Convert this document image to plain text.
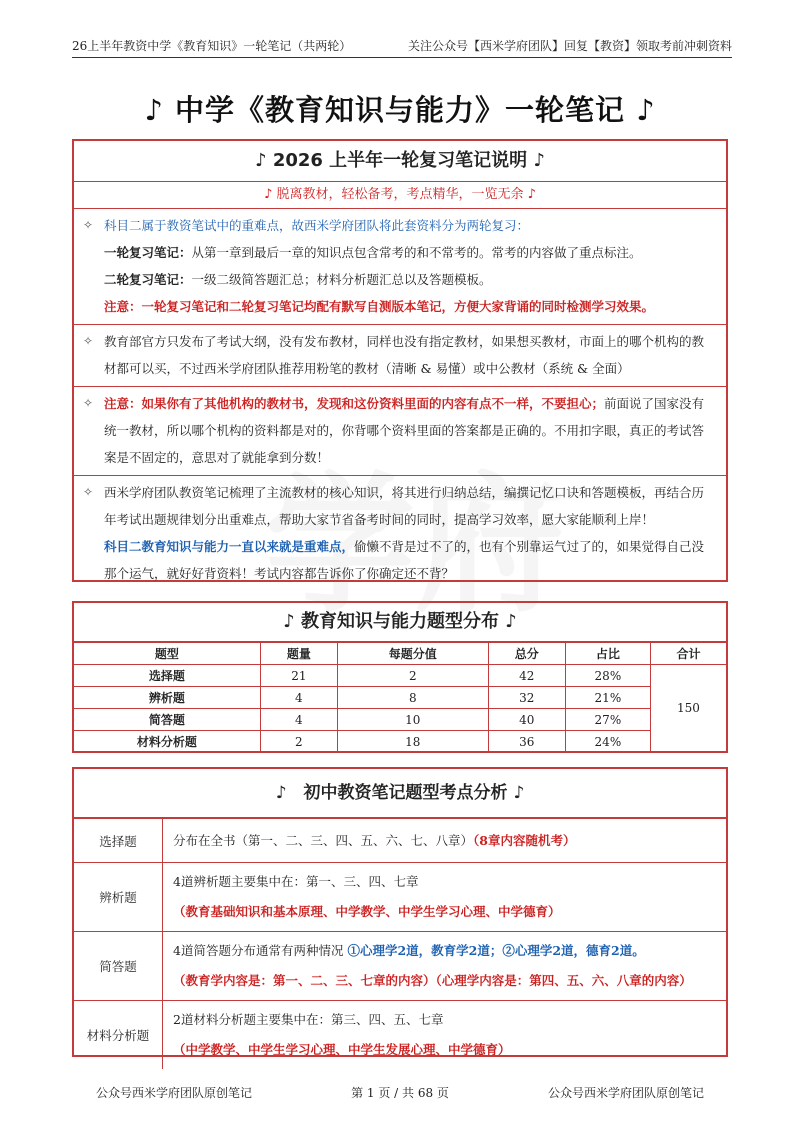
26上半年教资中学《教育知识》一轮笔记（共两轮）	关注公众号【西米学府团队】回复【教资】领取考前冲刺资料
♪ 中学《教育知识与能力》一轮笔记 ♪
♪ 2026 上半年一轮复习笔记说明 ♪
♪ 脱离教材，轻松备考，考点精华，一览无余 ♪
✧ 科目二属于教资笔试中的重难点，故西米学府团队将此套资料分为两轮复习：

一轮复习笔记：从第一章到最后一章的知识点包含常考的和不常考的。常考的内容做了重点标注。

二轮复习笔记：一级二级简答题汇总；材料分析题汇总以及答题模板。

注意：一轮复习笔记和二轮复习笔记均配有默写自测版本笔记，方便大家背诵的同时检测学习效果。

✧ 教育部官方只发布了考试大纲，没有发布教材，同样也没有指定教材，如果想买教材，市面上的哪个机构的教材都可以买，不过西米学府团队推荐用粉笔的教材（清晰 & 易懂）或中公教材（系统 & 全面）

✧ 注意：如果你有了其他机构的教材书，发现和这份资料里面的内容有点不一样，不要担心；前面说了国家没有统一教材，所以哪个机构的资料都是对的，你背哪个资料里面的答案都是正确的。不用扣字眼，真正的考试答案是不固定的，意思对了就能拿到分数！

✧ 西米学府团队教资笔记梳理了主流教材的核心知识，将其进行归纳总结，编撰记忆口诀和答题模板，再结合历年考试出题规律划分出重难点，帮助大家节省备考时间的同时，提高学习效率，愿大家能顺利上岸！

科目二教育知识与能力一直以来就是重难点，偷懒不背是过不了的，也有个别靠运气过了的，如果觉得自己没那个运气，就好好背资料！考试内容都告诉你了你确定还不背？

♪ 教育知识与能力题型分布 ♪
题型	题量	每题分值	总分	占比	合计
选择题	21	2	42	28%	150
辨析题	4	8	32	21%	
简答题	4	10	40	27%	
材料分析题	2	18	36	24%	
♪　初中教资笔记题型考点分析 ♪
选择题	分布在全书（第一、二、三、四、五、六、七、八章）（8章内容随机考）
辨析题	4道辨析题主要集中在：第一、三、四、七章
（教育基础知识和基本原理、中学教学、中学生学习心理、中学德育）

简答题	4道简答题分布通常有两种情况 ①心理学2道，教育学2道；②心理学2道，德育2道。
（教育学内容是：第一、二、三、七章的内容）（心理学内容是：第四、五、六、八章的内容）

材料分析题	2道材料分析题主要集中在：第三、四、五、七章
（中学教学、中学生学习心理、中学生发展心理、中学德育）
第 1 页 / 共 68 页
公众号西米学府团队原创笔记	公众号西米学府团队原创笔记
